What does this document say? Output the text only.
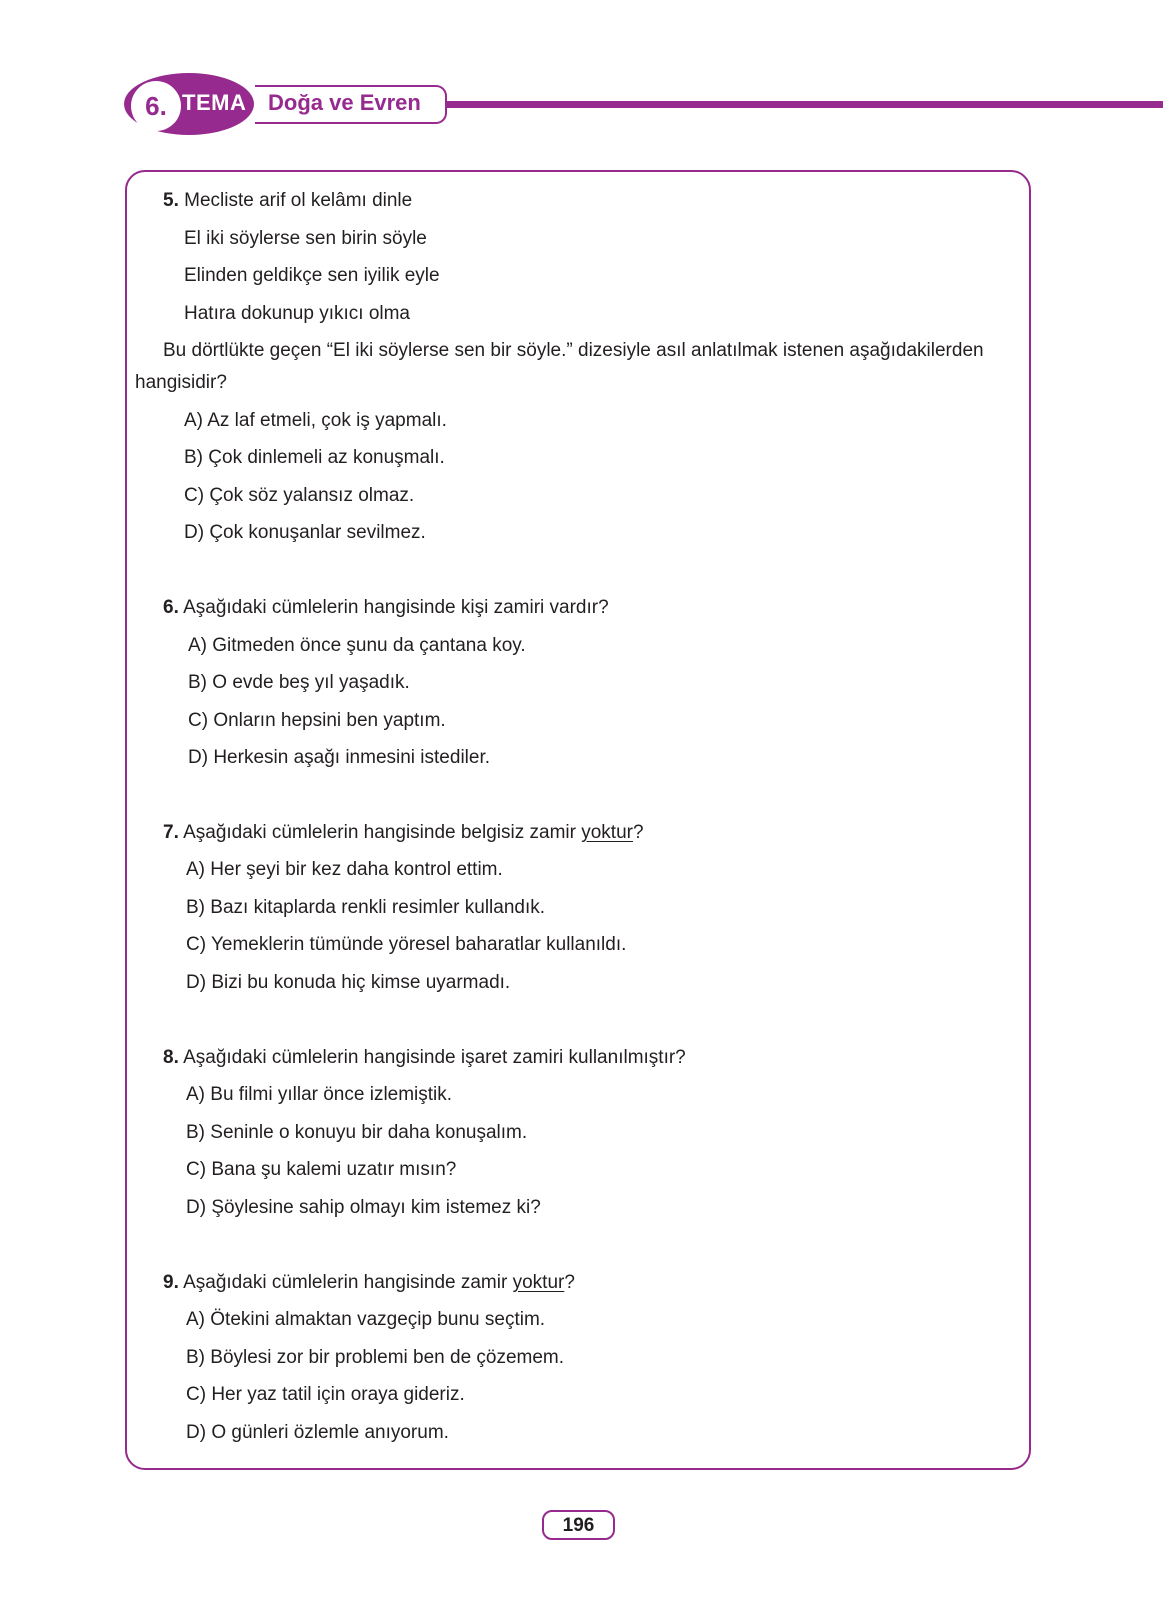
6. TEMA Doğa ve Evren
5. Mecliste arif ol kelâmı dinle
El iki söylerse sen birin söyle
Elinden geldikçe sen iyilik eyle
Hatıra dokunup yıkıcı olma
Bu dörtlükte geçen “El iki söylerse sen bir söyle.” dizesiyle asıl anlatılmak istenen aşağıdakilerden
hangisidir?
A) Az laf etmeli, çok iş yapmalı.
B) Çok dinlemeli az konuşmalı.
C) Çok söz yalansız olmaz.
D) Çok konuşanlar sevilmez.
6. Aşağıdaki cümlelerin hangisinde kişi zamiri vardır?
A) Gitmeden önce şunu da çantana koy.
B) O evde beş yıl yaşadık.
C) Onların hepsini ben yaptım.
D) Herkesin aşağı inmesini istediler.
7. Aşağıdaki cümlelerin hangisinde belgisiz zamir yoktur?
A) Her şeyi bir kez daha kontrol ettim.
B) Bazı kitaplarda renkli resimler kullandık.
C) Yemeklerin tümünde yöresel baharatlar kullanıldı.
D) Bizi bu konuda hiç kimse uyarmadı.
8. Aşağıdaki cümlelerin hangisinde işaret zamiri kullanılmıştır?
A) Bu filmi yıllar önce izlemiştik.
B) Seninle o konuyu bir daha konuşalım.
C) Bana şu kalemi uzatır mısın?
D) Şöylesine sahip olmayı kim istemez ki?
9. Aşağıdaki cümlelerin hangisinde zamir yoktur?
A) Ötekini almaktan vazgeçip bunu seçtim.
B) Böylesi zor bir problemi ben de çözemem.
C) Her yaz tatil için oraya gideriz.
D) O günleri özlemle anıyorum.
196
